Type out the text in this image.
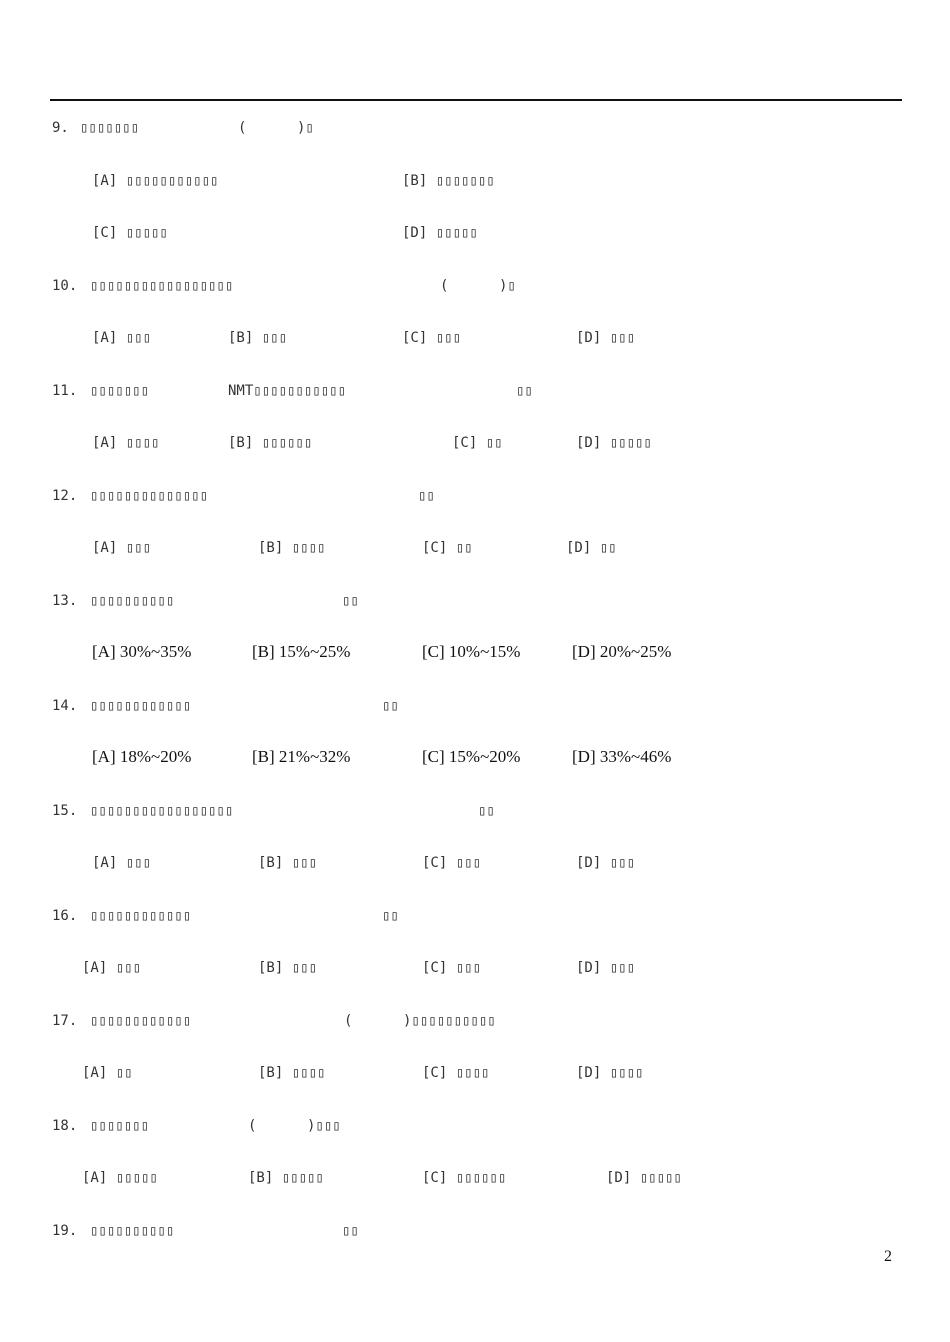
9. ▯▯▯▯▯▯▯	(      )▯
[A] ▯▯▯▯▯▯▯▯▯▯▯	[B] ▯▯▯▯▯▯▯
[C] ▯▯▯▯▯	[D] ▯▯▯▯▯
10. ▯▯▯▯▯▯▯▯▯▯▯▯▯▯▯▯▯	(      )▯
[A] ▯▯▯	[B] ▯▯▯	[C] ▯▯▯	[D] ▯▯▯
11. ▯▯▯▯▯▯▯	NMT▯▯▯▯▯▯▯▯▯▯▯	▯▯
[A] ▯▯▯▯	[B] ▯▯▯▯▯▯	[C] ▯▯	[D] ▯▯▯▯▯
12. ▯▯▯▯▯▯▯▯▯▯▯▯▯▯	▯▯
[A] ▯▯▯	[B] ▯▯▯▯	[C] ▯▯	[D] ▯▯
13. ▯▯▯▯▯▯▯▯▯▯	▯▯
[A] 30%~35%	[B] 15%~25%	[C] 10%~15%	[D] 20%~25%
14. ▯▯▯▯▯▯▯▯▯▯▯▯	▯▯
[A] 18%~20%	[B] 21%~32%	[C] 15%~20%	[D] 33%~46%
15. ▯▯▯▯▯▯▯▯▯▯▯▯▯▯▯▯▯	▯▯
[A] ▯▯▯	[B] ▯▯▯	[C] ▯▯▯	[D] ▯▯▯
16. ▯▯▯▯▯▯▯▯▯▯▯▯	▯▯
[A] ▯▯▯	[B] ▯▯▯	[C] ▯▯▯	[D] ▯▯▯
17. ▯▯▯▯▯▯▯▯▯▯▯▯	(      )▯▯▯▯▯▯▯▯▯▯
[A] ▯▯	[B] ▯▯▯▯	[C] ▯▯▯▯	[D] ▯▯▯▯
18. ▯▯▯▯▯▯▯	(      )▯▯▯
[A] ▯▯▯▯▯	[B] ▯▯▯▯▯	[C] ▯▯▯▯▯▯	[D] ▯▯▯▯▯
19. ▯▯▯▯▯▯▯▯▯▯	▯▯
2
